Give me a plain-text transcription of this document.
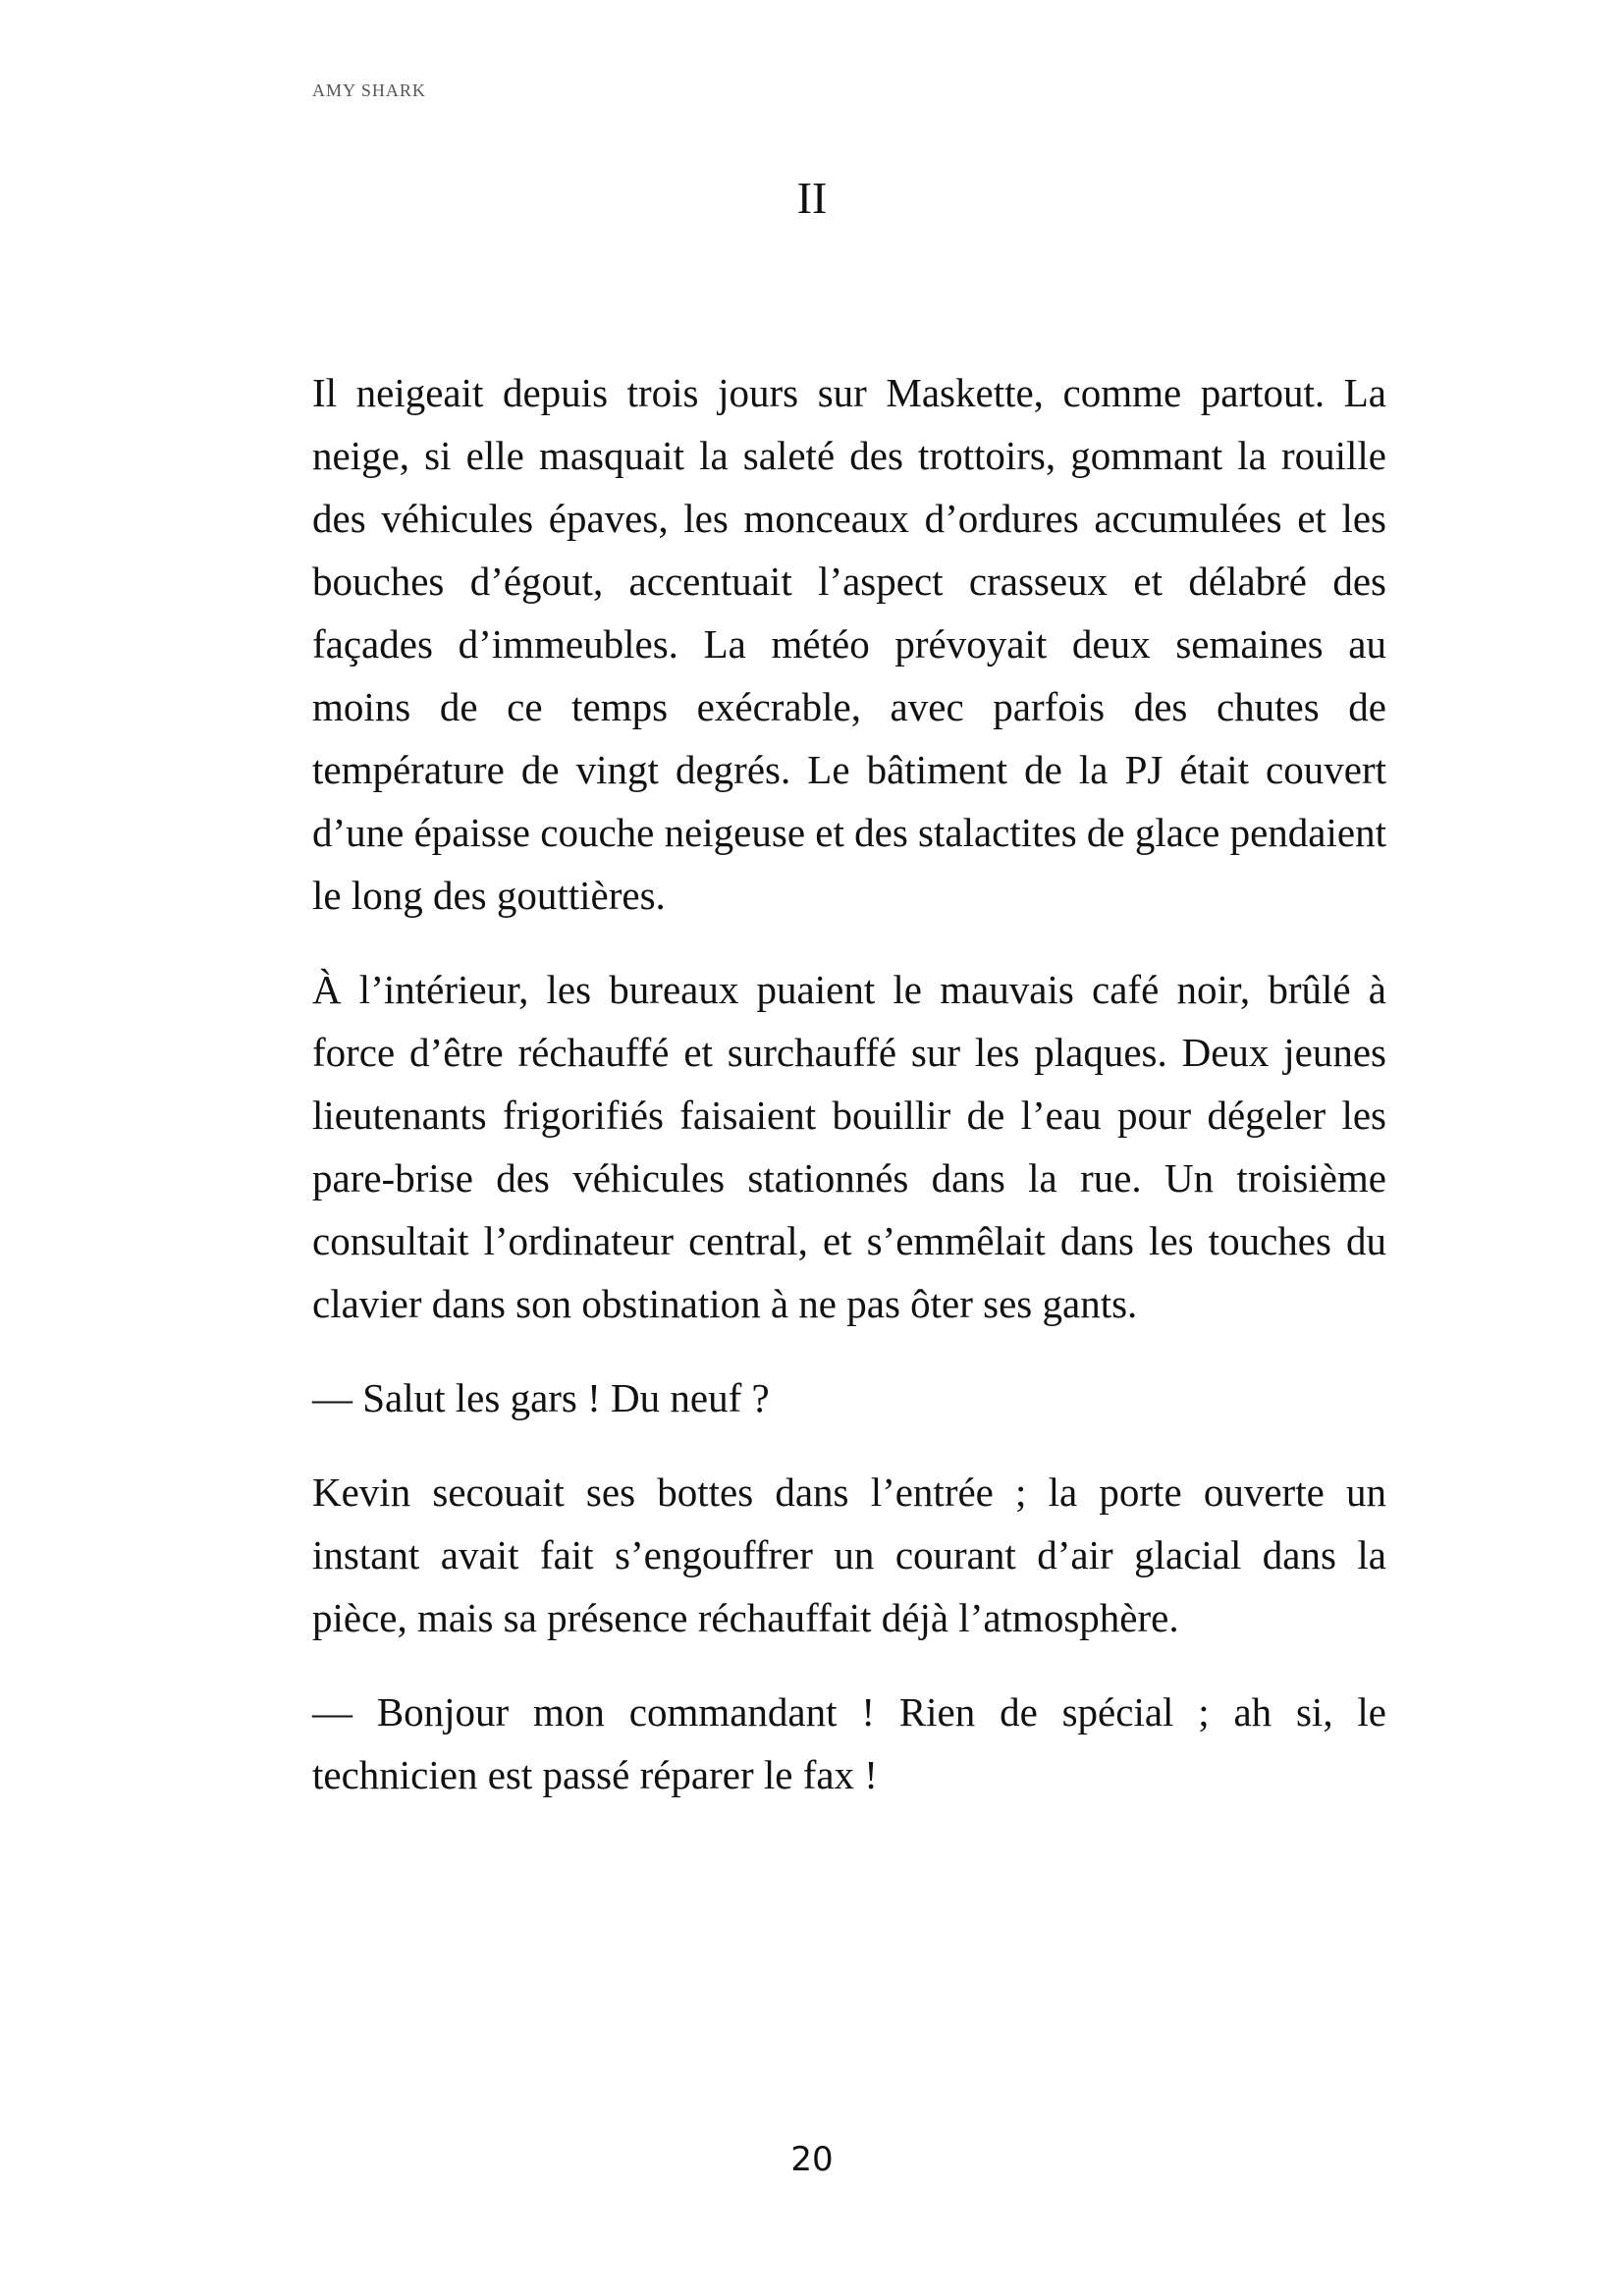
AMY SHARK
II

Il neigeait depuis trois jours sur Maskette, comme partout. La neige, si elle masquait la saleté des trottoirs, gommant la rouille des véhicules épaves, les monceaux d’ordures accumulées et les bouches d’égout, accentuait l’aspect crasseux et délabré des façades d’immeubles. La météo prévoyait deux semaines au moins de ce temps exécrable, avec parfois des chutes de température de vingt degrés. Le bâtiment de la PJ était couvert d’une épaisse couche neigeuse et des stalactites de glace pendaient le long des gouttières.

À l’intérieur, les bureaux puaient le mauvais café noir, brûlé à force d’être réchauffé et surchauffé sur les plaques. Deux jeunes lieutenants frigorifiés faisaient bouillir de l’eau pour dégeler les pare-brise des véhicules stationnés dans la rue. Un troisième consultait l’ordinateur central, et s’emmêlait dans les touches du clavier dans son obstination à ne pas ôter ses gants.

— Salut les gars ! Du neuf ?

Kevin secouait ses bottes dans l’entrée ; la porte ouverte un instant avait fait s’engouffrer un courant d’air glacial dans la pièce, mais sa présence réchauffait déjà l’atmosphère.

— Bonjour mon commandant ! Rien de spécial ; ah si, le technicien est passé réparer le fax !

20
